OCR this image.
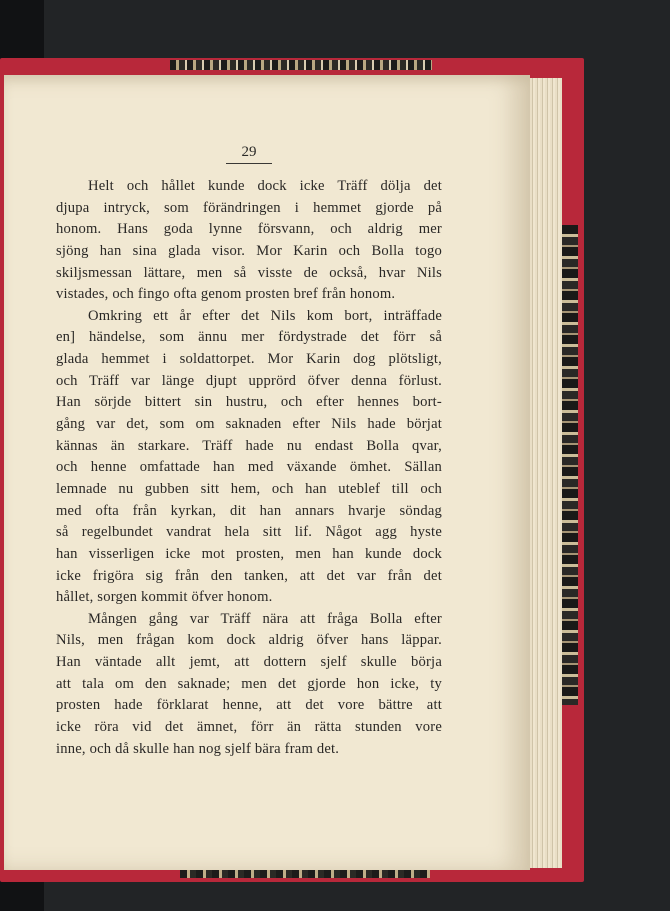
29
Helt och hållet kunde dock icke Träff dölja det
djupa intryck, som förändringen i hemmet gjorde på
honom. Hans goda lynne försvann, och aldrig mer
sjöng han sina glada visor. Mor Karin och Bolla togo
skiljsmessan lättare, men så visste de också, hvar Nils
vistades, och fingo ofta genom prosten bref från honom.
Omkring ett år efter det Nils kom bort, inträffade
en] händelse, som ännu mer fördystrade det förr så
glada hemmet i soldattorpet. Mor Karin dog plötsligt,
och Träff var länge djupt upprörd öfver denna förlust.
Han sörjde bittert sin hustru, och efter hennes bort-
gång var det, som om saknaden efter Nils hade börjat
kännas än starkare. Träff hade nu endast Bolla qvar,
och henne omfattade han med växande ömhet. Sällan
lemnade nu gubben sitt hem, och han uteblef till och
med ofta från kyrkan, dit han annars hvarje söndag
så regelbundet vandrat hela sitt lif. Något agg hyste
han visserligen icke mot prosten, men han kunde dock
icke frigöra sig från den tanken, att det var från det
hållet, sorgen kommit öfver honom.
Mången gång var Träff nära att fråga Bolla efter
Nils, men frågan kom dock aldrig öfver hans läppar.
Han väntade allt jemt, att dottern sjelf skulle börja
att tala om den saknade; men det gjorde hon icke, ty
prosten hade förklarat henne, att det vore bättre att
icke röra vid det ämnet, förr än rätta stunden vore
inne, och då skulle han nog sjelf bära fram det.
